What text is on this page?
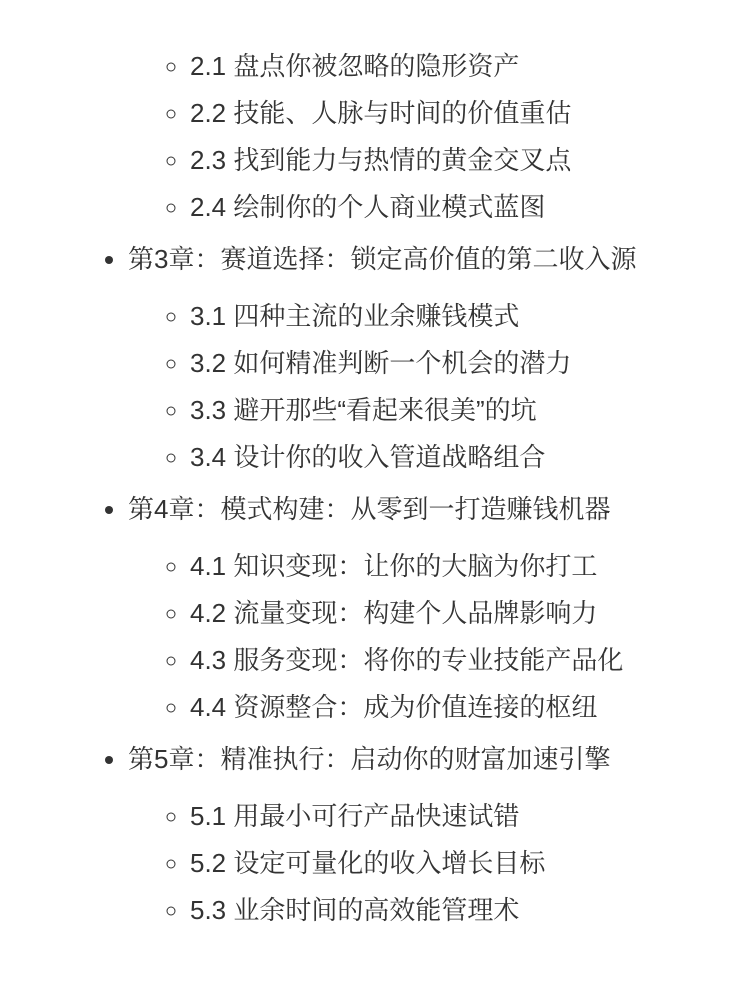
◦ 2.1 盘点你被忽略的隐形资产
◦ 2.2 技能、人脉与时间的价值重估
◦ 2.3 找到能力与热情的黄金交叉点
◦ 2.4 绘制你的个人商业模式蓝图
• 第3章：赛道选择：锁定高价值的第二收入源
◦ 3.1 四种主流的业余赚钱模式
◦ 3.2 如何精准判断一个机会的潜力
◦ 3.3 避开那些“看起来很美”的坑
◦ 3.4 设计你的收入管道战略组合
• 第4章：模式构建：从零到一打造赚钱机器
◦ 4.1 知识变现：让你的大脑为你打工
◦ 4.2 流量变现：构建个人品牌影响力
◦ 4.3 服务变现：将你的专业技能产品化
◦ 4.4 资源整合：成为价值连接的枢纽
• 第5章：精准执行：启动你的财富加速引擎
◦ 5.1 用最小可行产品快速试错
◦ 5.2 设定可量化的收入增长目标
◦ 5.3 业余时间的高效能管理术
